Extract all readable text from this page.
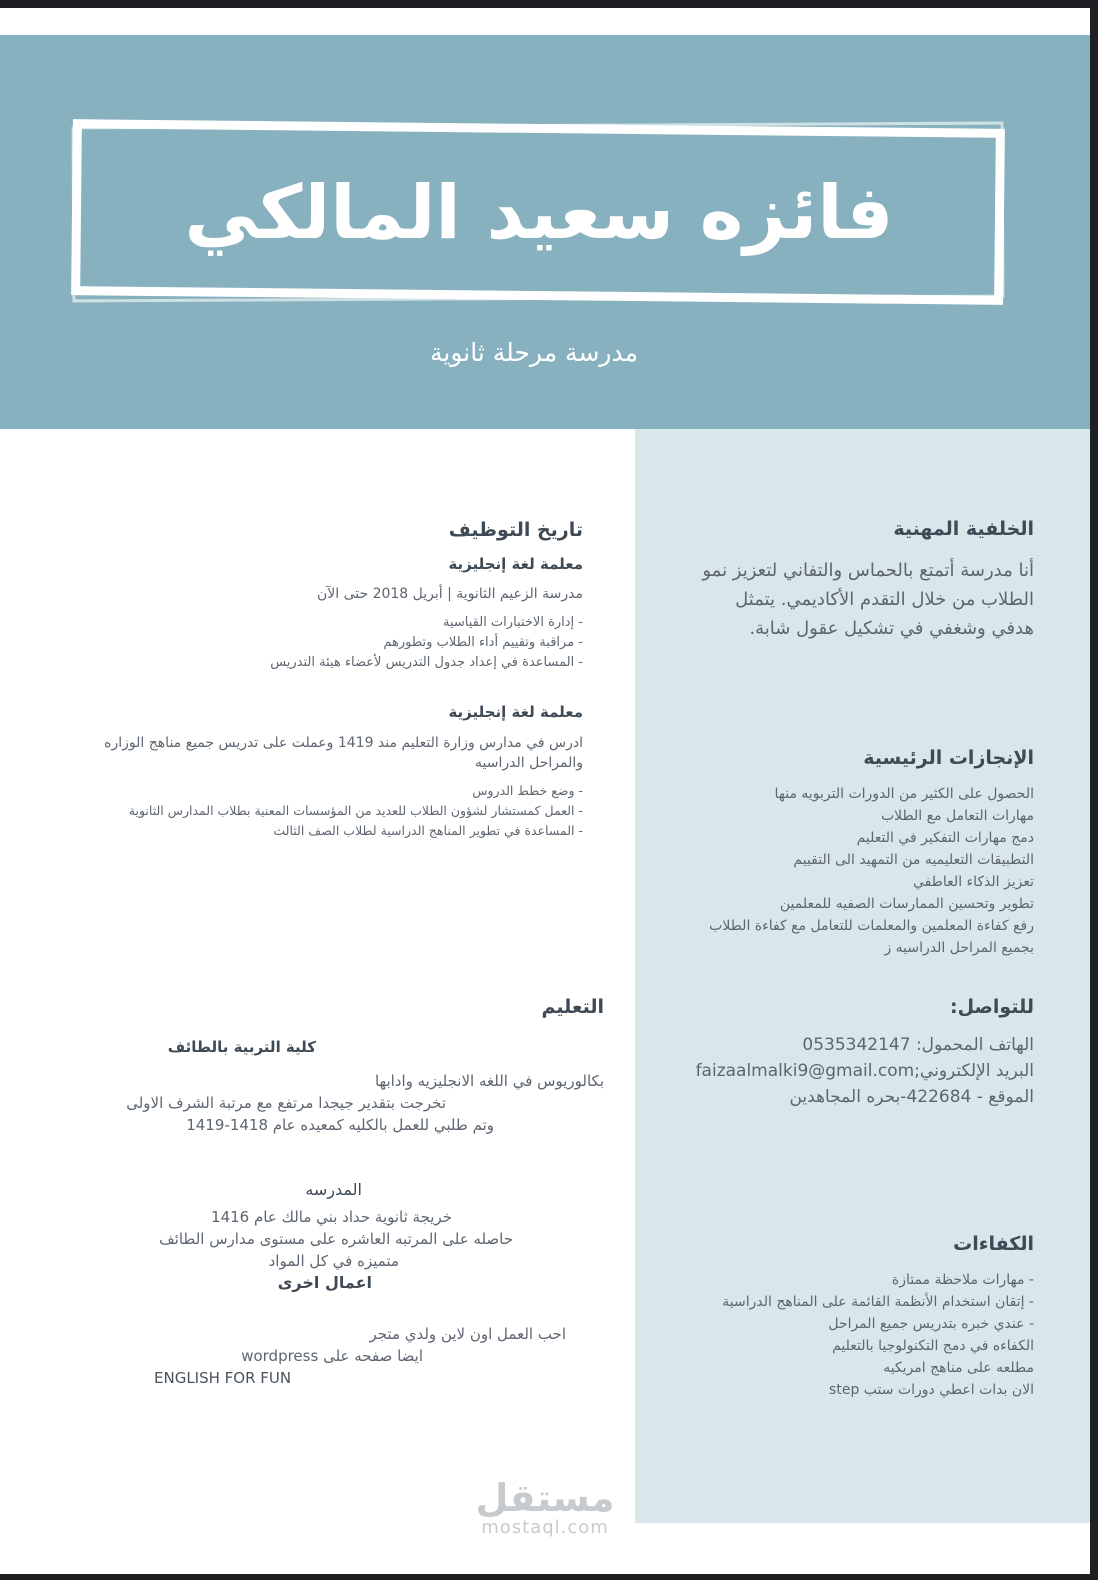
فائزه سعيد المالكي
مدرسة مرحلة ثانوية
الخلفية المهنية
أنا مدرسة أتمتع بالحماس والتفاني لتعزيز نمو
الطلاب من خلال التقدم الأكاديمي. يتمثل
هدفي وشغفي في تشكيل عقول شابة.
الإنجازات الرئيسية
الحصول على الكثير من الدورات التربويه منها
مهارات التعامل مع الطلاب
دمج مهارات التفكير في التعليم
التطبيقات التعليميه من التمهيد الى التقييم
تعزيز الذكاء العاطفي
تطوير وتحسين الممارسات الصفيه للمعلمين
رفع كفاءة المعلمين والمعلمات للتعامل مع كفاءة الطلاب
بجميع المراحل الدراسيه ز
للتواصل:
الهاتف المحمول: 0535342147
البريد الإلكتروني;faizaalmalki9@gmail.com
الموقع - 422684-بحره المجاهدين
الكفاءات
- مهارات ملاحظة ممتازة
- إتقان استخدام الأنظمة القائمة على المناهج الدراسية
- عندي خبره بتدريس جميع المراحل
الكفاءه في دمج التكنولوجيا بالتعليم
مطلعه على مناهج امريكيه
الان بدات اعطي دورات ستب step
تاريخ التوظيف
معلمة لغة إنجليزية
مدرسة الزعيم الثانوية | أبريل 2018 حتى الآن
- إدارة الاختبارات القياسية
- مراقبة وتقييم أداء الطلاب وتطورهم
- المساعدة في إعداد جدول التدريس لأعضاء هيئة التدريس
معلمة لغة إنجليزية
ادرس في مدارس وزارة التعليم مند 1419 وعملت على تدريس جميع مناهج الوزاره
والمراحل الدراسيه
- وضع خطط الدروس
- العمل كمستشار لشؤون الطلاب للعديد من المؤسسات المعنية بطلاب المدارس الثانوية
- المساعدة في تطوير المناهج الدراسية لطلاب الصف الثالث
التعليم
كلية التربية بالطائف
بكالوريوس في اللغه الانجليزيه وادابها
تخرجت بتقدير جيجدا مرتفع مع مرتبة الشرف الاولى
وتم طلبي للعمل بالكليه كمعيده عام 1418-1419
المدرسه
خريجة ثانوية حداد بني مالك عام 1416
حاصله على المرتبه العاشره على مستوى مدارس الطائف
متميزه في كل المواد
اعمال اخرى
احب العمل اون لاين ولدي متجر
ايضا صفحه على wordpress
ENGLISH FOR FUN
مستقل
mostaql.com
